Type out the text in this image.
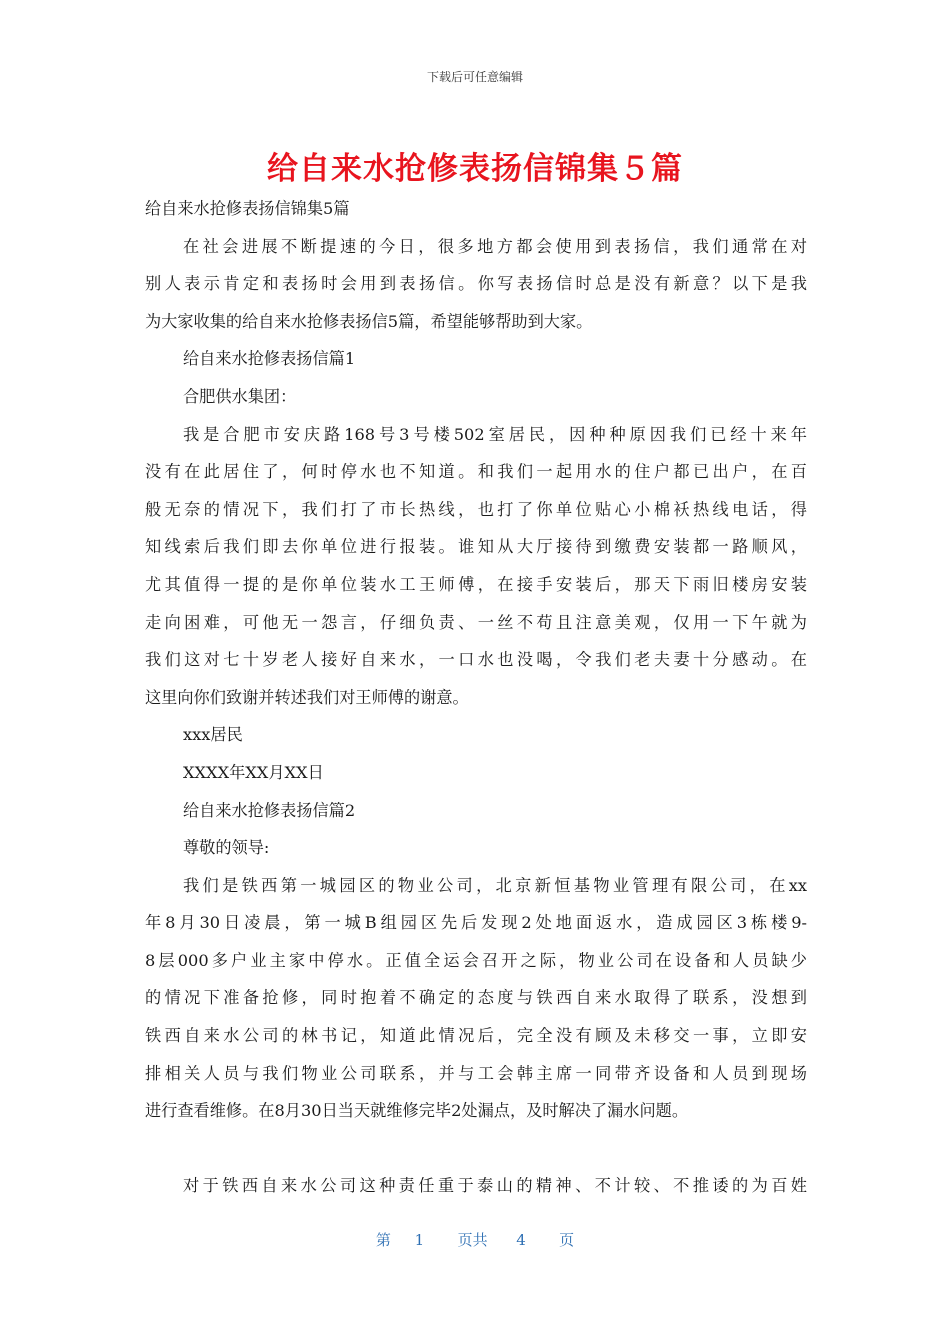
下载后可任意编辑
给自来水抢修表扬信锦集５篇
给自来水抢修表扬信锦集5篇
在社会进展不断提速的今日，很多地方都会使用到表扬信，我们通常在对
别人表示肯定和表扬时会用到表扬信。你写表扬信时总是没有新意？以下是我
为大家收集的给自来水抢修表扬信5篇，希望能够帮助到大家。
给自来水抢修表扬信篇1
合肥供水集团：
我是合肥市安庆路168号3号楼502室居民，因种种原因我们已经十来年
没有在此居住了，何时停水也不知道。和我们一起用水的住户都已出户，在百
般无奈的情况下，我们打了市长热线，也打了你单位贴心小棉袄热线电话，得
知线索后我们即去你单位进行报装。谁知从大厅接待到缴费安装都一路顺风，
尤其值得一提的是你单位装水工王师傅，在接手安装后，那天下雨旧楼房安装
走向困难，可他无一怨言，仔细负责、一丝不苟且注意美观，仅用一下午就为
我们这对七十岁老人接好自来水，一口水也没喝，令我们老夫妻十分感动。在
这里向你们致谢并转述我们对王师傅的谢意。
xxx居民
XXXX年XX月XX日
给自来水抢修表扬信篇2
尊敬的领导:
我们是铁西第一城园区的物业公司，北京新恒基物业管理有限公司，在xx
年8月30日凌晨，第一城B组园区先后发现2处地面返水，造成园区3栋楼9-
8层000多户业主家中停水。正值全运会召开之际，物业公司在设备和人员缺少
的情况下准备抢修，同时抱着不确定的态度与铁西自来水取得了联系，没想到
铁西自来水公司的林书记，知道此情况后，完全没有顾及未移交一事，立即安
排相关人员与我们物业公司联系，并与工会韩主席一同带齐设备和人员到现场
进行查看维修。在8月30日当天就维修完毕2处漏点，及时解决了漏水问题。
对于铁西自来水公司这种责任重于泰山的精神、不计较、不推诿的为百姓
第 1 页共 4 页
